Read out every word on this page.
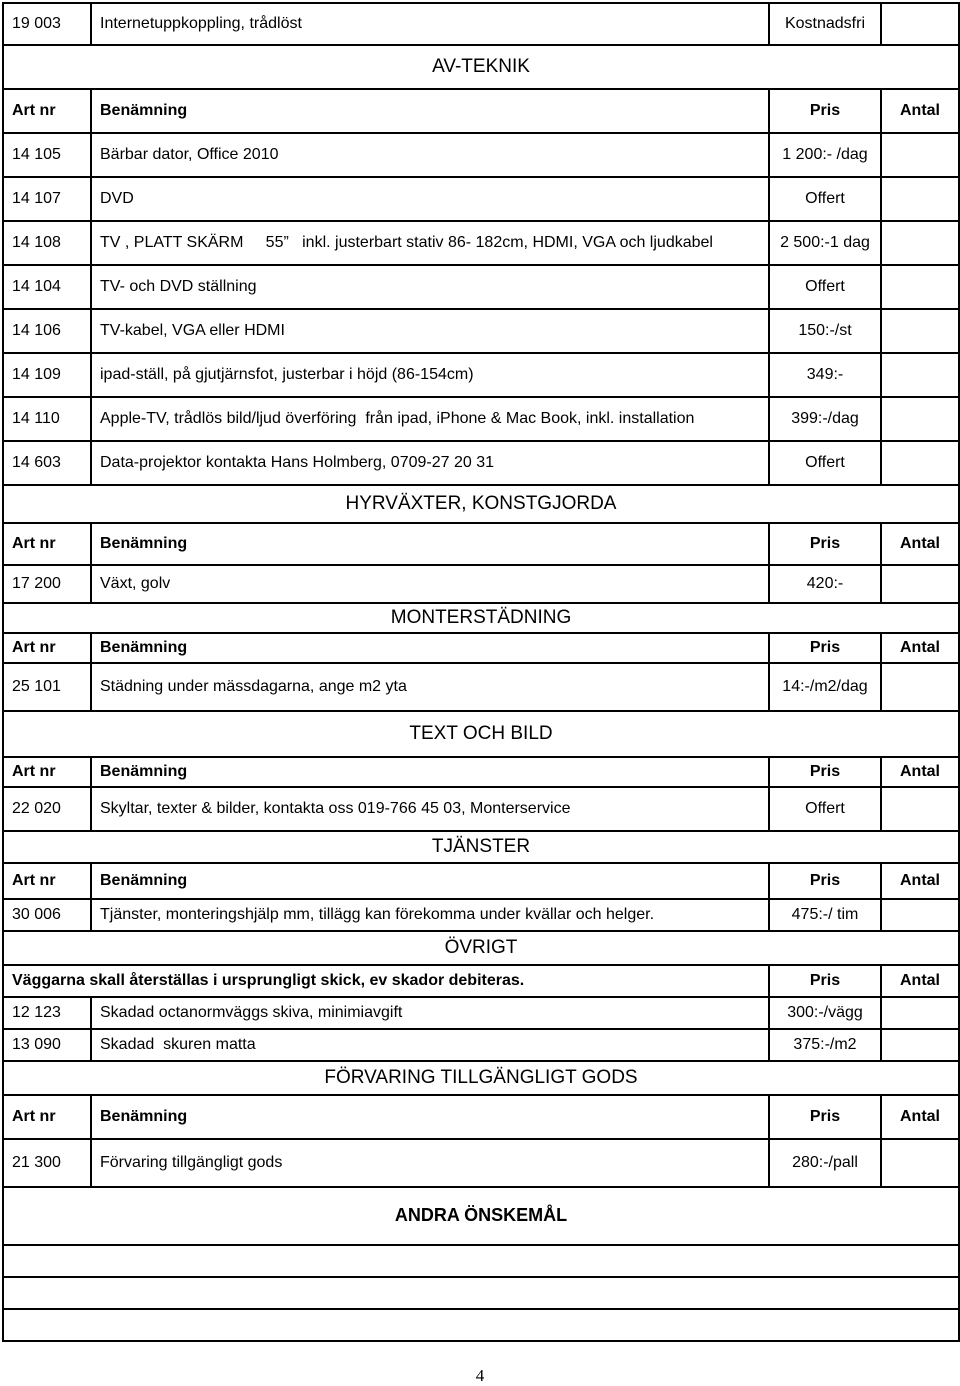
19 003	Internetuppkoppling, trådlöst	Kostnadsfri	
AV-TEKNIK			
Art nr	Benämning	Pris	Antal
14 105	Bärbar dator, Office 2010	1 200:- /dag	
14 107	DVD	Offert	
14 108	TV , PLATT SKÄRM     55”   inkl. justerbart stativ 86- 182cm, HDMI, VGA och ljudkabel	2 500:-1 dag	
14 104	TV- och DVD ställning	Offert	
14 106	TV-kabel, VGA eller HDMI	150:-/st	
14 109	ipad-ställ, på gjutjärnsfot, justerbar i höjd (86-154cm)	349:-	
14 110	Apple-TV, trådlös bild/ljud överföring  från ipad, iPhone & Mac Book, inkl. installation	399:-/dag	
14 603	Data-projektor kontakta Hans Holmberg, 0709-27 20 31	Offert	
HYRVÄXTER, KONSTGJORDA			
Art nr	Benämning	Pris	Antal
17 200	Växt, golv	420:-	
MONTERSTÄDNING			
Art nr	Benämning	Pris	Antal
25 101	Städning under mässdagarna, ange m2 yta	14:-/m2/dag	
TEXT OCH BILD			
Art nr	Benämning	Pris	Antal
22 020	Skyltar, texter & bilder, kontakta oss 019-766 45 03, Monterservice	Offert	
TJÄNSTER			
Art nr	Benämning	Pris	Antal
30 006	Tjänster, monteringshjälp mm, tillägg kan förekomma under kvällar och helger.	475:-/ tim	
ÖVRIGT			
Väggarna skall återställas i ursprungligt skick, ev skador debiteras.		Pris	Antal
12 123	Skadad octanormväggs skiva, minimiavgift	300:-/vägg	
13 090	Skadad  skuren matta	375:-/m2	
FÖRVARING TILLGÄNGLIGT GODS			
Art nr	Benämning	Pris	Antal
21 300	Förvaring tillgängligt gods	280:-/pall	
ANDRA ÖNSKEMÅL			

4
